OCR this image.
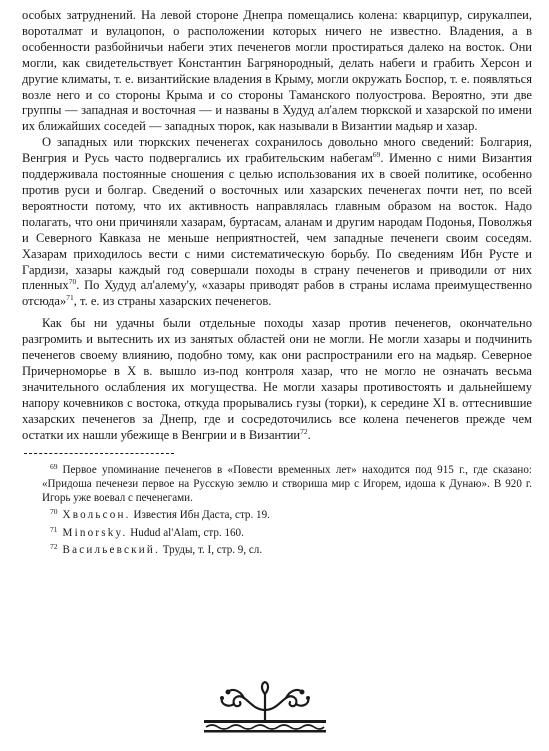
особых затруднений. На левой стороне Днепра помещались колена: кварципур, сирукалпеи, вороталмат и вулацопон, о расположении которых ничего не известно. Владения, а в особенности разбойничьи набеги этих печенегов могли простираться далеко на восток. Они могли, как свидетельствует Константин Багрянородный, делать набеги и грабить Херсон и другие климаты, т. е. византийские владения в Крыму, могли окружать Боспор, т. е. появляться возле него и со стороны Крыма и со стороны Таманского полуострова. Вероятно, эти две группы — западная и восточная — и названы в Худуд ал'алем тюркской и хазарской по имени их ближайших соседей — западных тюрок, как называли в Византии мадьяр и хазар.

О западных или тюркских печенегах сохранилось довольно много сведений: Болгария, Венгрия и Русь часто подвергались их грабительским набегам$^{69}$. Именно с ними Византия поддерживала постоянные сношения с целью использования их в своей политике, особенно против руси и болгар. Сведений о восточных или хазарских печенегах почти нет, по всей вероятности потому, что их активность направлялась главным образом на восток. Надо полагать, что они причиняли хазарам, буртасам, аланам и другим народам Подонья, Поволжья и Северного Кавказа не меньше неприятностей, чем западные печенеги своим соседям. Хазарам приходилось вести с ними систематическую борьбу. По сведениям Ибн Русте и Гардизи, хазары каждый год совершали походы в страну печенегов и приводили от них пленных$^{70}$. По Худуд ал'алему'у, «хазары приводят рабов в страны ислама преимущественно отсюда»$^{71}$, т. е. из страны хазарских печенегов.

Как бы ни удачны были отдельные походы хазар против печенегов, окончательно разгромить и вытеснить их из занятых областей они не могли. Не могли хазары и подчинить печенегов своему влиянию, подобно тому, как они распространили его на мадьяр. Северное Причерноморье в X в. вышло из-под контроля хазар, что не могло не означать весьма значительного ослабления их могущества. Не могли хазары противостоять и дальнейшему напору кочевников с востока, откуда прорывались гузы (торки), к середине XI в. оттеснившие хазарских печенегов за Днепр, где и сосредоточились все колена печенегов прежде чем остатки их нашли убежище в Венгрии и в Византии$^{72}$.

$^{69}$ Первое упоминание печенегов в «Повести временных лет» находится под 915 г., где сказано: «Придоша печенези первое на Русскую землю и створиша мир с Игорем, идоша к Дунаю». В 920 г. Игорь уже воевал с печенегами.

$^{70}$ Хвольсон. Известия Ибн Даста, стр. 19.

$^{71}$ Minorsky. Hudud al'Alam, стр. 160.

$^{72}$ Васильевский. Труды, т. I, стр. 9, сл.
